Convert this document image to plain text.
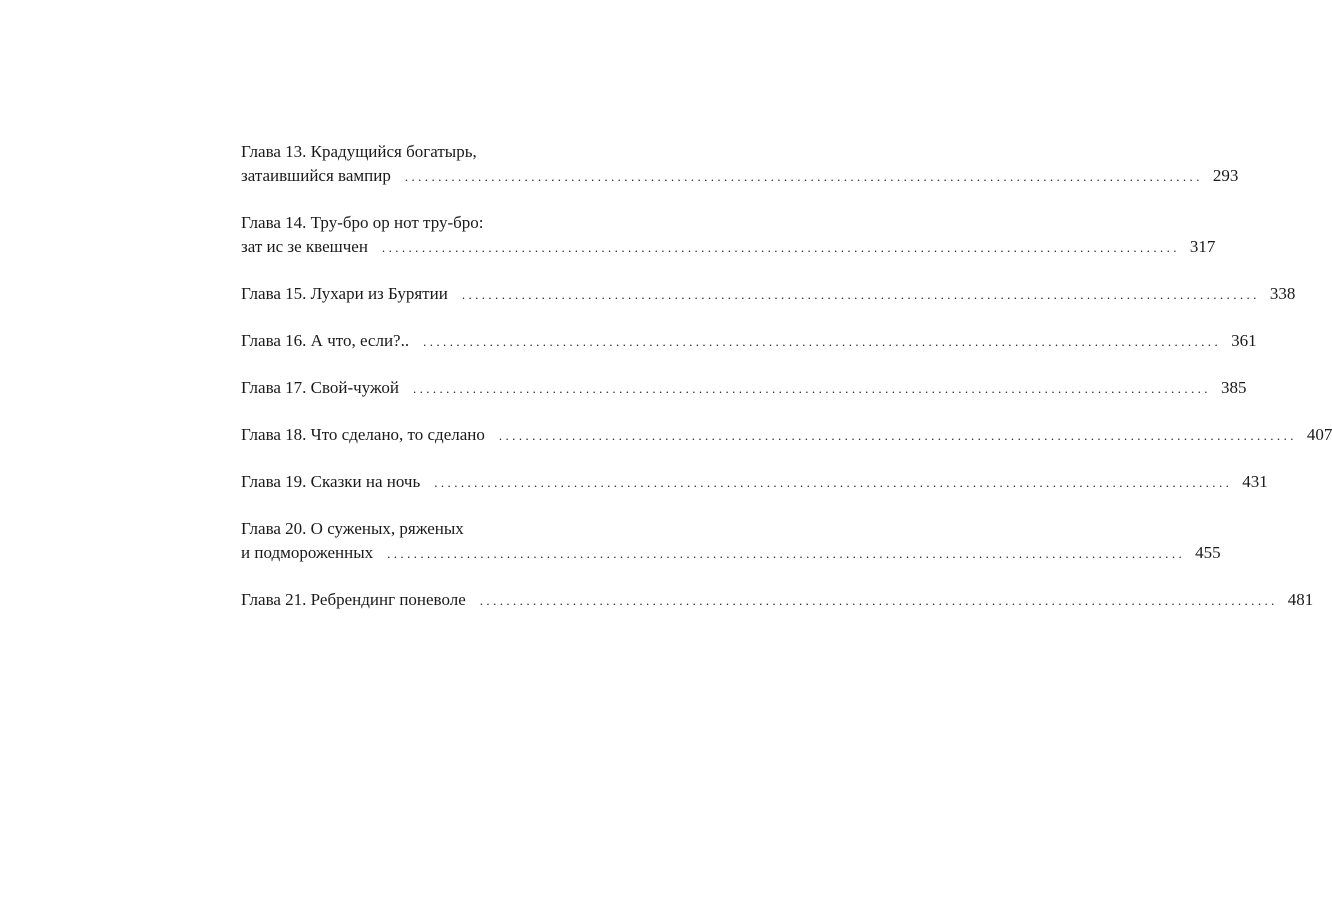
Глава 13. Крадущийся богатырь,
затаившийся вампир	........................................................................................................................ 293
Глава 14. Тру-бро ор нот тру-бро:
зат ис зе квешчен	........................................................................................................................ 317
Глава 15. Лухари из Бурятии	........................................................................................................................ 338
Глава 16. А что, если?..	........................................................................................................................ 361
Глава 17. Свой-чужой	........................................................................................................................ 385
Глава 18. Что сделано, то сделано	........................................................................................................................ 407
Глава 19. Сказки на ночь	........................................................................................................................ 431
Глава 20. О суженых, ряженых
и подмороженных	........................................................................................................................ 455
Глава 21. Ребрендинг поневоле	........................................................................................................................ 481
